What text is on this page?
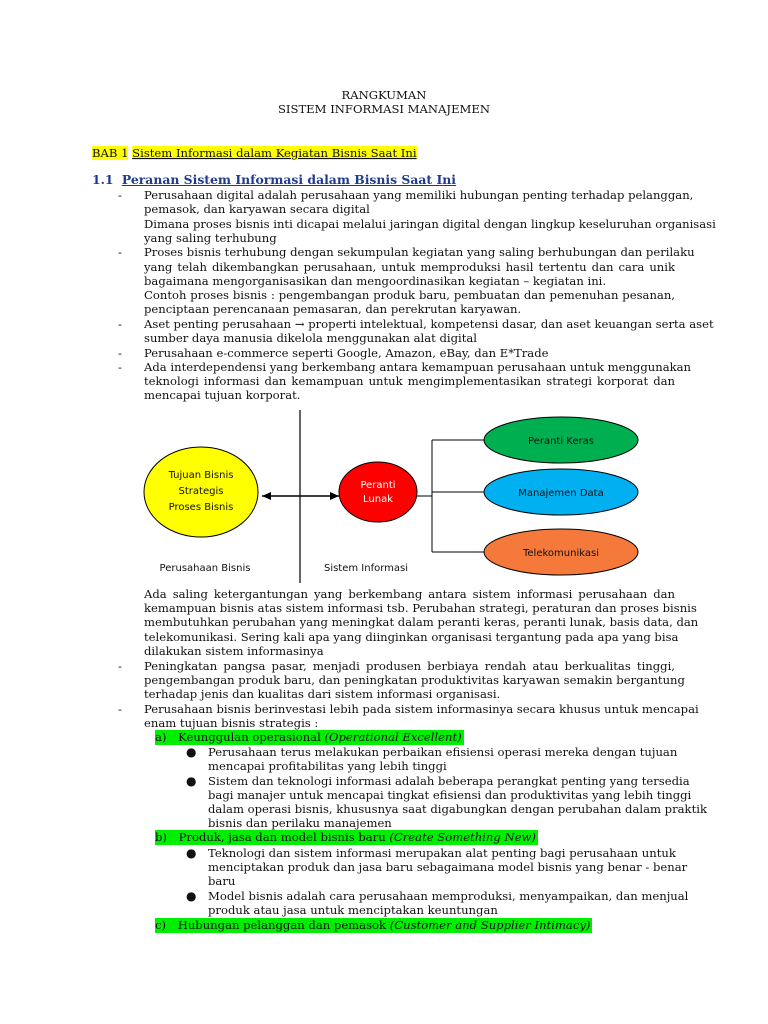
RANGKUMAN
SISTEM INFORMASI MANAJEMEN
BAB 1 Sistem Informasi dalam Kegiatan Bisnis Saat Ini
1.1 Peranan Sistem Informasi dalam Bisnis Saat Ini
- Perusahaan digital adalah perusahaan yang memiliki hubungan penting terhadap pelanggan,
pemasok, dan karyawan secara digital
Dimana proses bisnis inti dicapai melalui jaringan digital dengan lingkup keseluruhan organisasi
yang saling terhubung
- Proses bisnis terhubung dengan sekumpulan kegiatan yang saling berhubungan dan perilaku
yang telah dikembangkan perusahaan, untuk memproduksi hasil tertentu dan cara unik
bagaimana mengorganisasikan dan mengoordinasikan kegiatan – kegiatan ini.
Contoh proses bisnis : pengembangan produk baru, pembuatan dan pemenuhan pesanan,
penciptaan perencanaan pemasaran, dan perekrutan karyawan.
- Aset penting perusahaan → properti intelektual, kompetensi dasar, dan aset keuangan serta aset
sumber daya manusia dikelola menggunakan alat digital
- Perusahaan e-commerce seperti Google, Amazon, eBay, dan E*Trade
- Ada interdependensi yang berkembang antara kemampuan perusahaan untuk menggunakan
teknologi informasi dan kemampuan untuk mengimplementasikan strategi korporat dan
mencapai tujuan korporat.
Tujuan Bisnis
Strategis
Proses Bisnis
Peranti
Lunak
Peranti Keras
Manajemen Data
Telekomunikasi
Perusahaan Bisnis	Sistem Informasi
Ada saling ketergantungan yang berkembang antara sistem informasi perusahaan dan
kemampuan bisnis atas sistem informasi tsb. Perubahan strategi, peraturan dan proses bisnis
membutuhkan perubahan yang meningkat dalam peranti keras, peranti lunak, basis data, dan
telekomunikasi. Sering kali apa yang diinginkan organisasi tergantung pada apa yang bisa
dilakukan sistem informasinya
- Peningkatan pangsa pasar, menjadi produsen berbiaya rendah atau berkualitas tinggi,
pengembangan produk baru, dan peningkatan produktivitas karyawan semakin bergantung
terhadap jenis dan kualitas dari sistem informasi organisasi.
- Perusahaan bisnis berinvestasi lebih pada sistem informasinya secara khusus untuk mencapai
enam tujuan bisnis strategis :
a) Keunggulan operasional (Operational Excellent)
● Perusahaan terus melakukan perbaikan efisiensi operasi mereka dengan tujuan
mencapai profitabilitas yang lebih tinggi
● Sistem dan teknologi informasi adalah beberapa perangkat penting yang tersedia
bagi manajer untuk mencapai tingkat efisiensi dan produktivitas yang lebih tinggi
dalam operasi bisnis, khususnya saat digabungkan dengan perubahan dalam praktik
bisnis dan perilaku manajemen
b) Produk, jasa dan model bisnis baru (Create Something New)
● Teknologi dan sistem informasi merupakan alat penting bagi perusahaan untuk
menciptakan produk dan jasa baru sebagaimana model bisnis yang benar - benar
baru
● Model bisnis adalah cara perusahaan memproduksi, menyampaikan, dan menjual
produk atau jasa untuk menciptakan keuntungan
c) Hubungan pelanggan dan pemasok (Customer and Supplier Intimacy)
